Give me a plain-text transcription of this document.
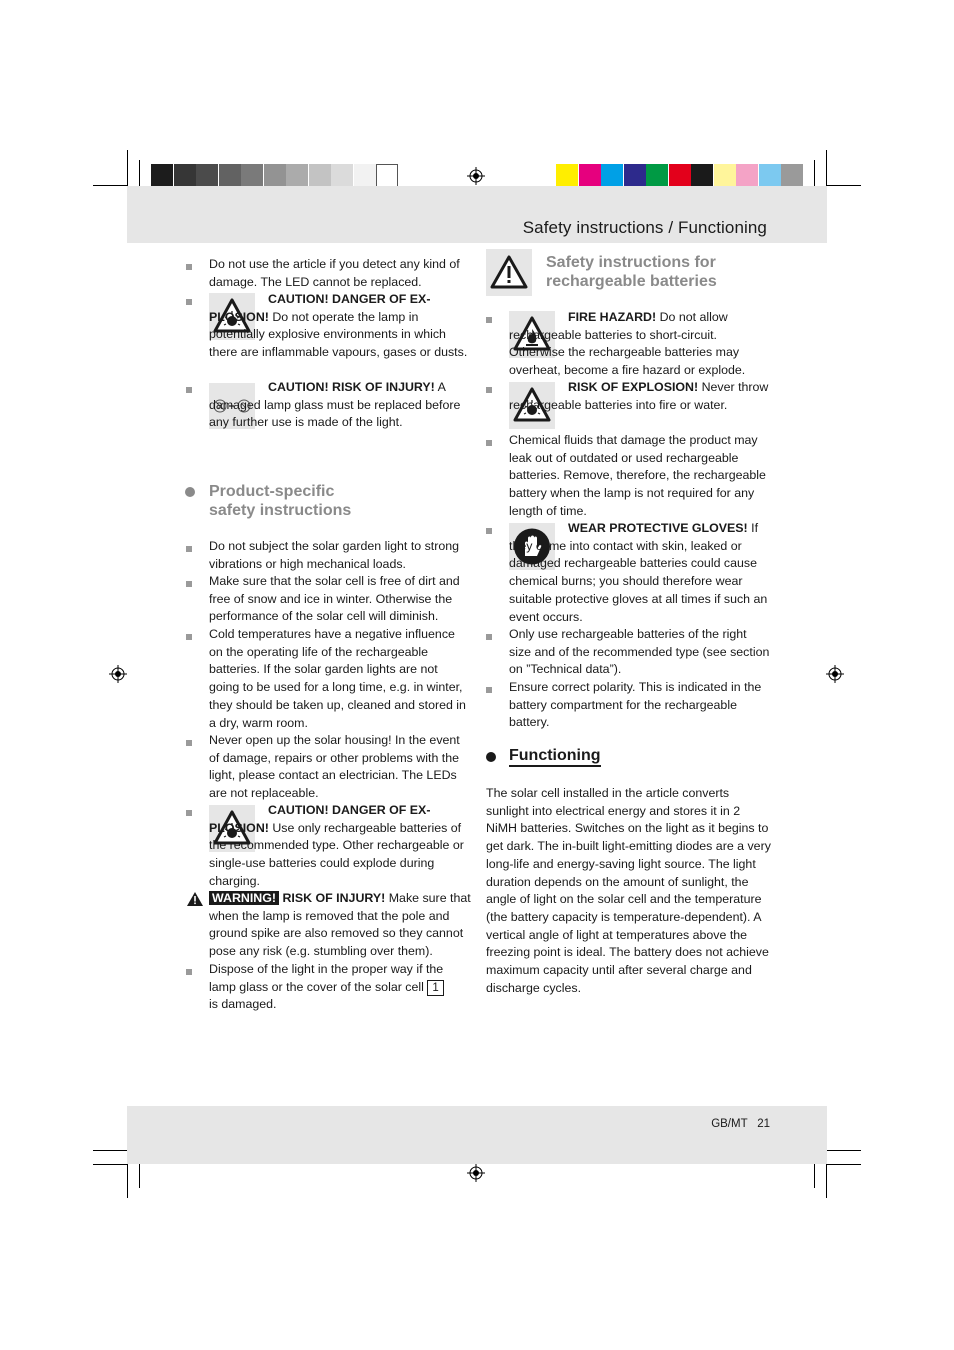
Safety instructions / Functioning
GB/MT 21
Do not use the article if you detect any kind of damage. The LED cannot be replaced.
CAUTION! DANGER OF EX-PLOSION! Do not operate the lamp in potentially explosive environments in which there are inflammable vapours, gases or dusts.
CAUTION! RISK OF INJURY! A damaged lamp glass must be replaced before any further use is made of the light.
Product-specific
safety instructions
Do not subject the solar garden light to strong vibrations or high mechanical loads.
Make sure that the solar cell is free of dirt and free of snow and ice in winter. Otherwise the performance of the solar cell will diminish.
Cold temperatures have a negative influence on the operating life of the rechargeable batteries. If the solar garden lights are not going to be used for a long time, e.g. in winter, they should be taken up, cleaned and stored in a dry, warm room.
Never open up the solar housing! In the event of damage, repairs or other problems with the light, please contact an electrician. The LEDs are not replaceable.
CAUTION! DANGER OF EX-PLOSION! Use only rechargeable batteries of the recommended type. Other rechargeable or single-use batteries could explode during charging.
WARNING! RISK OF INJURY! Make sure that when the lamp is removed that the pole and ground spike are also removed so they cannot pose any risk (e.g. stumbling over them).
Dispose of the light in the proper way if the lamp glass or the cover of the solar cell 1
is damaged.
Safety instructions for
rechargeable batteries
FIRE HAZARD! Do not allow rechargeable batteries to short-circuit. Otherwise the rechargeable batteries may overheat, become a fire hazard or explode.
RISK OF EXPLOSION! Never throw rechargeable batteries into fire or water.
Chemical fluids that damage the product may leak out of outdated or used rechargeable batteries. Remove, therefore, the rechargeable battery when the lamp is not required for any length of time.
WEAR PROTECTIVE GLOVES! If they come into contact with skin, leaked or damaged rechargeable batteries could cause chemical burns; you should therefore wear suitable protective gloves at all times if such an event occurs.
Only use rechargeable batteries of the right size and of the recommended type (see section on ”Technical data”).
Ensure correct polarity. This is indicated in the battery compartment for the rechargeable battery.
Functioning
The solar cell installed in the article converts sunlight into electrical energy and stores it in 2 NiMH batteries. Switches on the light as it begins to get dark. The in-built light-emitting diodes are a very long-life and energy-saving light source. The light duration depends on the amount of sunlight, the angle of light on the solar cell and the temperature (the battery capacity is temperature-dependent). A vertical angle of light at temperatures above the freezing point is ideal. The battery does not achieve maximum capacity until after several charge and discharge cycles.
